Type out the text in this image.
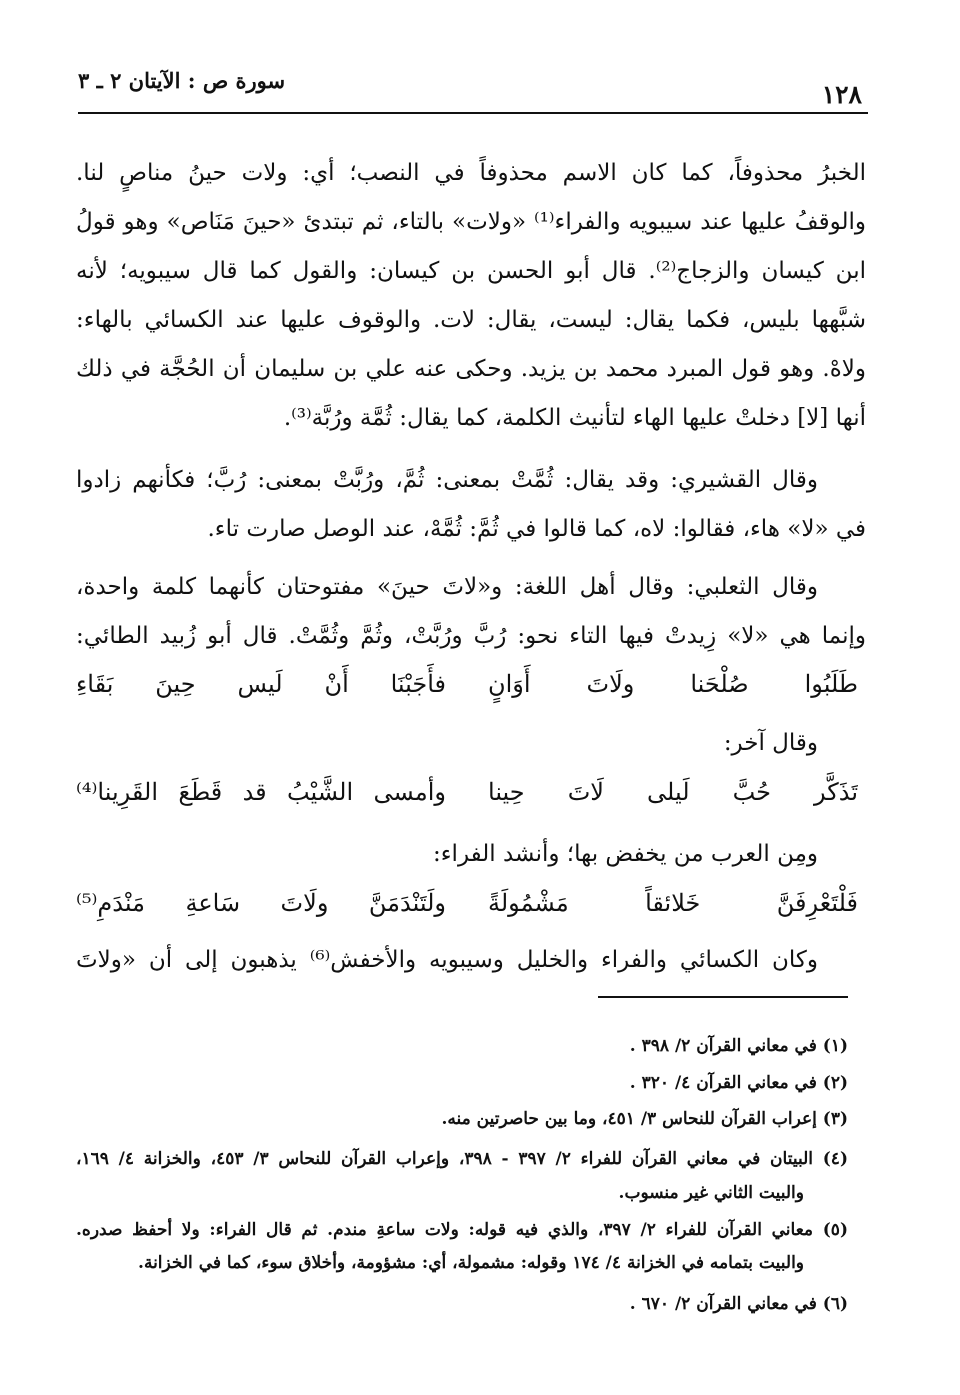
سورة ص : الآيتان ٢ ـ ٣	١٢٨
الخبرُ محذوفاً، كما كان الاسم محذوفاً في النصب؛ أي: ولات حينُ مناصٍ لنا.
والوقفُ عليها عند سيبويه والفراء⁽¹⁾ «ولات» بالتاء، ثم تبتدئ «حينَ مَنَاص» وهو قولُ
ابن كيسان والزجاج⁽²⁾. قال أبو الحسن بن كيسان: والقول كما قال سيبويه؛ لأنه
شبَّهها بليس، فكما يقال: ليست، يقال: لات. والوقوف عليها عند الكسائي بالهاء:
ولاهْ. وهو قول المبرد محمد بن يزيد. وحكى عنه علي بن سليمان أن الحُجَّة في ذلك
أنها [لا] دخلتْ عليها الهاء لتأنيث الكلمة، كما يقال: ثُمَّة ورُبَّة⁽³⁾.
وقال القشيري: وقد يقال: ثُمَّتْ بمعنى: ثُمَّ، ورُبَّتْ بمعنى: رُبَّ؛ فكأنهم زادوا
في «لا» هاء، فقالوا: لاه، كما قالوا في ثُمَّ: ثُمَّهْ، عند الوصل صارت تاء.
وقال الثعلبي: وقال أهل اللغة: و«لاتَ حينَ» مفتوحتان كأنهما كلمة واحدة،
وإنما هي «لا» زِيدتْ فيها التاء نحو: رُبَّ ورُبَّتْ، وثُمَّ وثُمَّتْ. قال أبو زُبيد الطائي:
طَلَبُوا صُلْحَنا ولَاتَ أَوَانٍ
فأَجَبْنَا أَنْ لَيس حِينَ بَقَاءِ
وقال آخر:
تَذَكَّر حُبَّ لَيلى لَاتَ حِينا
وأمسى الشَّيْبُ قد قَطَعَ القَرِينا⁽⁴⁾
ومِن العرب من يخفض بها؛ وأنشد الفراء:
فَلْتَعْرِفَنَّ خَلائقاً مَشْمُولَةً
ولَتَنْدَمَنَّ ولَاتَ سَاعةِ مَنْدَمِ⁽⁵⁾
وكان الكسائي والفراء والخليل وسيبويه والأخفش⁽⁶⁾ يذهبون إلى أن «ولاتَ
(١) في معاني القرآن ٢/ ٣٩٨ .
(٢) في معاني القرآن ٤/ ٣٢٠ .
(٣) إعراب القرآن للنحاس ٣/ ٤٥١، وما بين حاصرتين منه.
(٤) البيتان في معاني القرآن للفراء ٢/ ٣٩٧ - ٣٩٨، وإعراب القرآن للنحاس ٣/ ٤٥٣، والخزانة ٤/ ١٦٩،
والبيت الثاني غير منسوب.
(٥) معاني القرآن للفراء ٢/ ٣٩٧، والذي فيه قوله: ولات ساعةِ مندم. ثم قال الفراء: ولا أحفظ صدره.
والبيت بتمامه في الخزانة ٤/ ١٧٤ وقوله: مشمولة، أي: مشؤومة، وأخلاق سوء، كما في الخزانة.
(٦) في معاني القرآن ٢/ ٦٧٠ .
